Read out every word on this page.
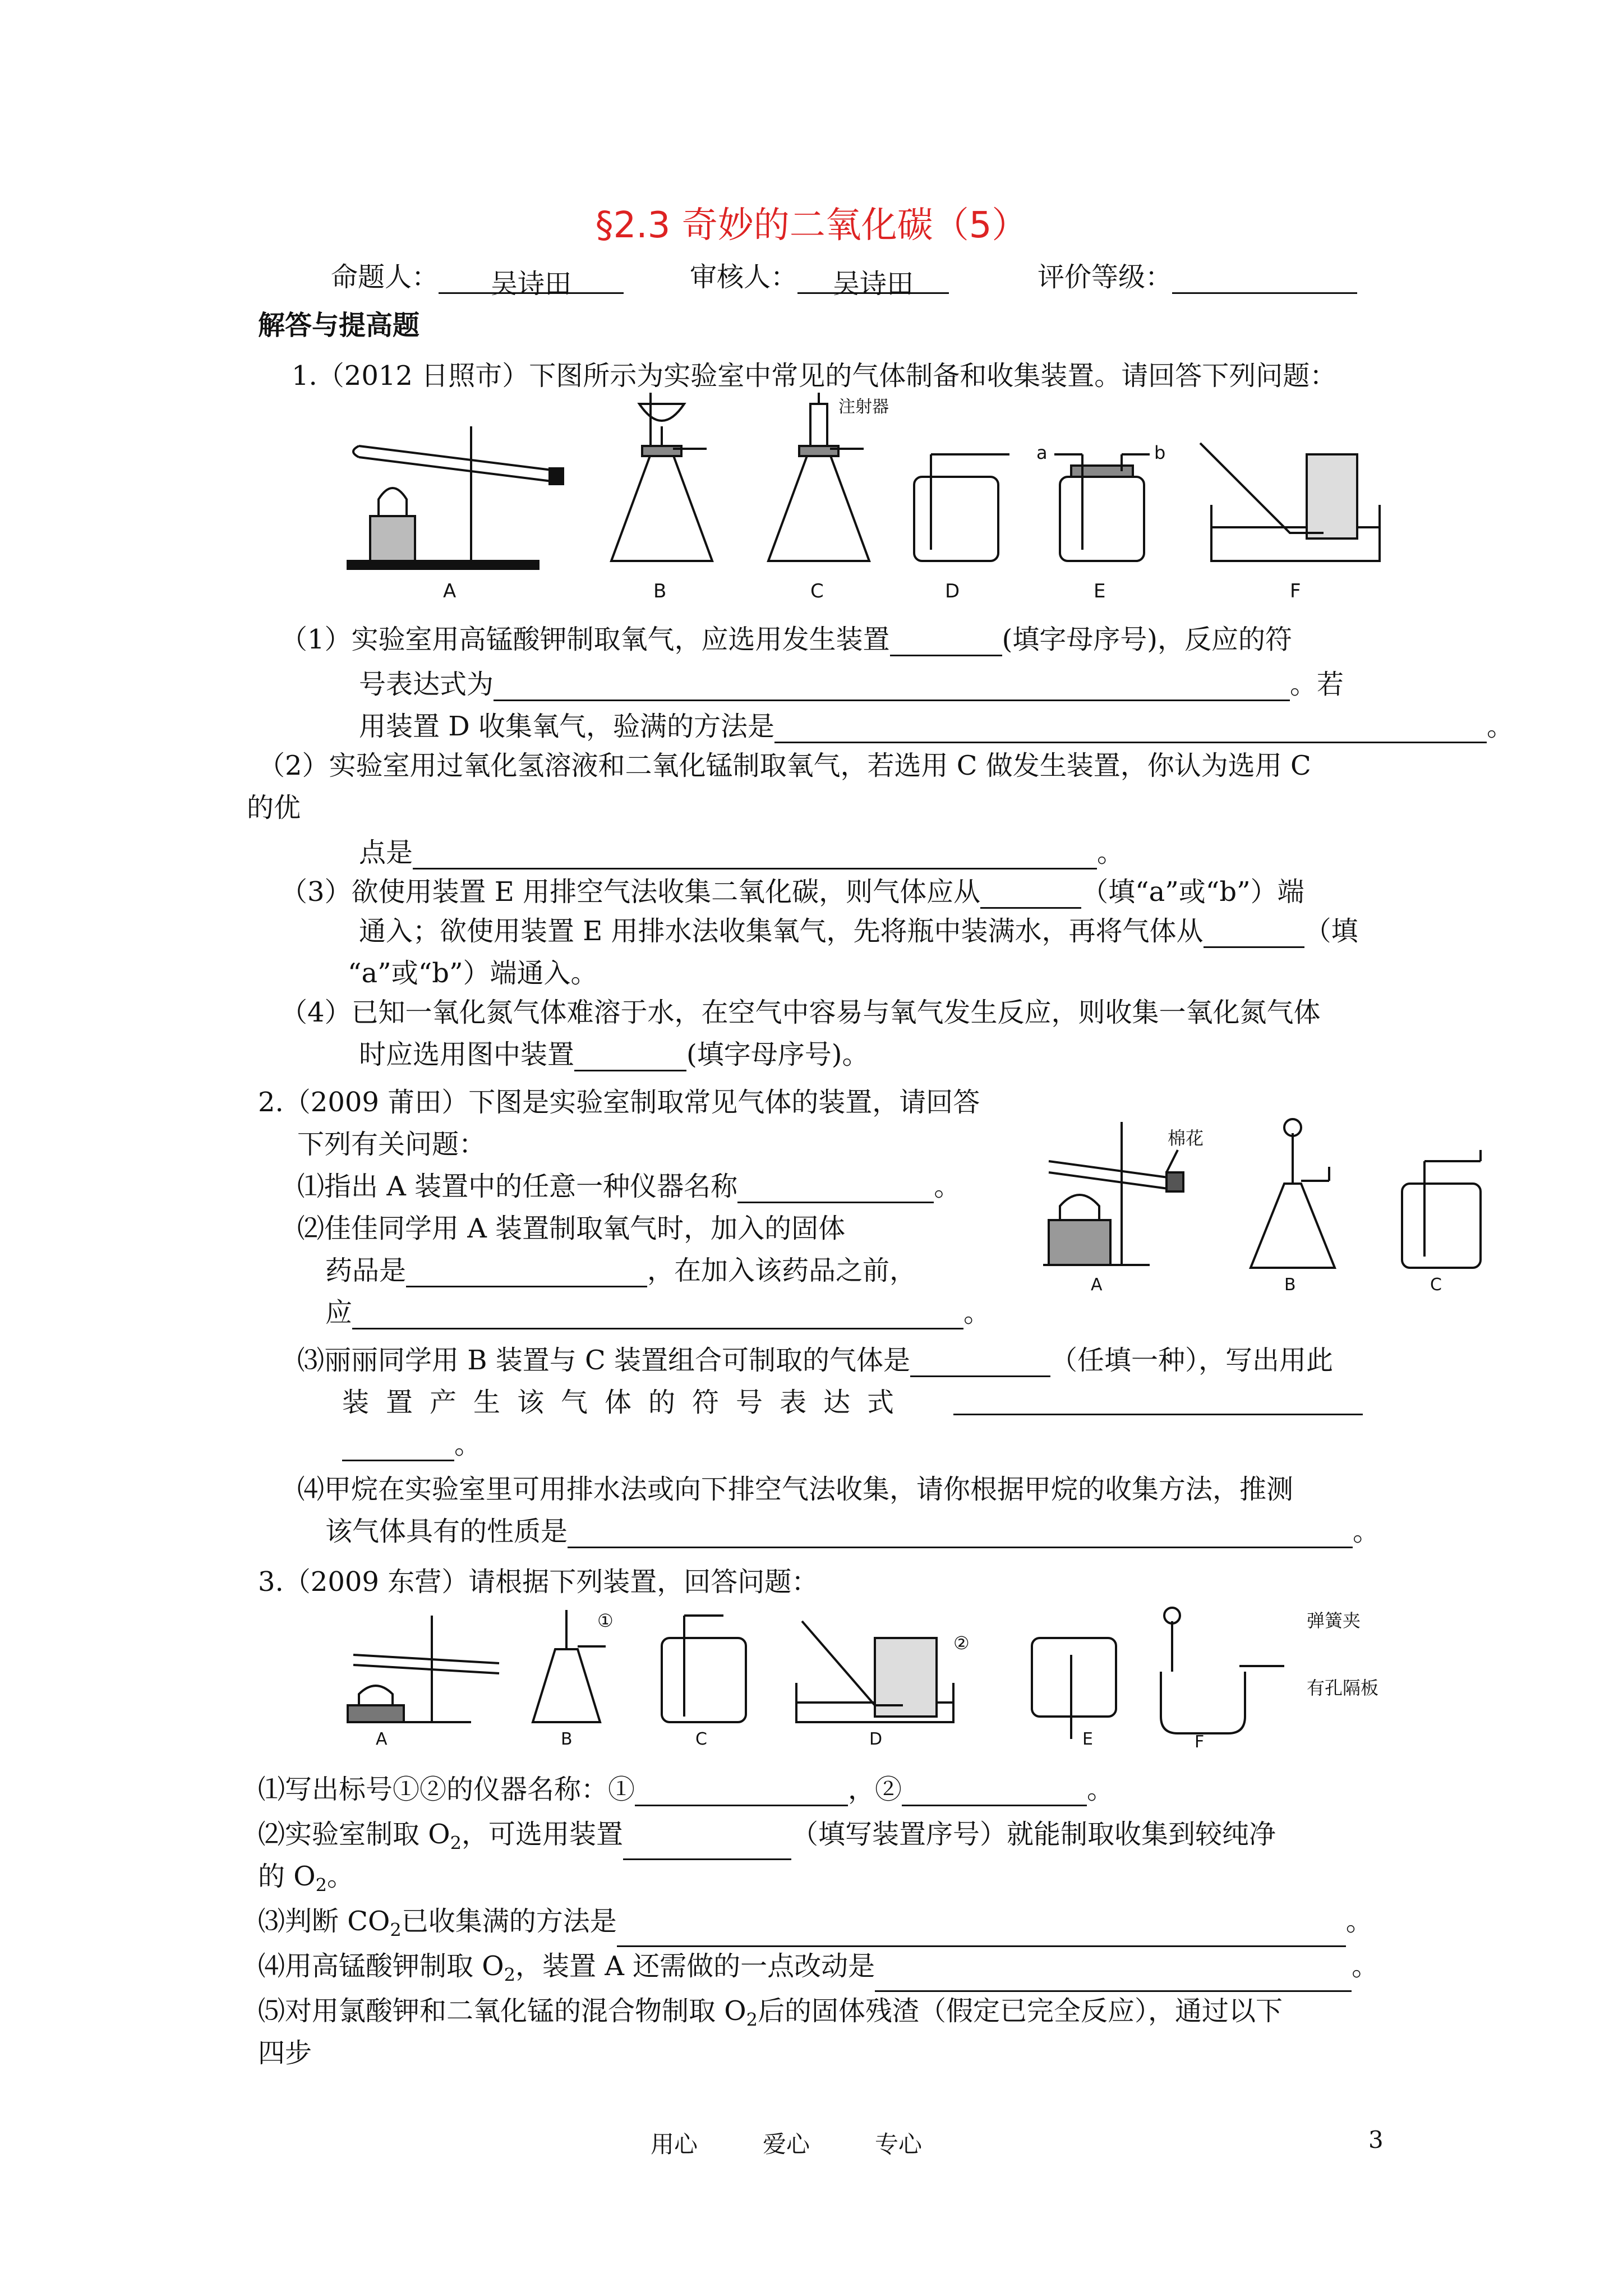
§2.3 奇妙的二氧化碳（5）
命题人： 吴诗田	审核人： 吴诗田	评价等级：
解答与提高题
1.（2012 日照市）下图所示为实验室中常见的气体制备和收集装置。请回答下列问题：
B
注射器
C	D
a	b
E	F
A
（1）实验室用高锰酸钾制取氧气，应选用发生装置	(填字母序号)，反应的符
号表达式为	。若
用装置 D 收集氧气，验满的方法是	。
（2）实验室用过氧化氢溶液和二氧化锰制取氧气，若选用 C 做发生装置，你认为选用 C
的优
点是	。
（3）欲使用装置 E 用排空气法收集二氧化碳，则气体应从	（填“a”或“b”）端
通入；欲使用装置 E 用排水法收集氧气，先将瓶中装满水，再将气体从	（填
“a”或“b”）端通入。
（4）已知一氧化氮气体难溶于水，在空气中容易与氧气发生反应，则收集一氧化氮气体
时应选用图中装置	(填字母序号)。
2.（2009 莆田）下图是实验室制取常见气体的装置，请回答
下列有关问题：	棉花
A	B	C
⑴指出 A 装置中的任意一种仪器名称	。
⑵佳佳同学用 A 装置制取氧气时，加入的固体
药品是	，在加入该药品之前，
应	。
⑶丽丽同学用 B 装置与 C 装置组合可制取的气体是	（任填一种），写出用此
装置产生该气体的符号表达式
。
⑷甲烷在实验室里可用排水法或向下排空气法收集，请你根据甲烷的收集方法，推测
该气体具有的性质是	。
3.（2009 东营）请根据下列装置，回答问题：
A
①
B	C
②
D	E
弹簧夹
有孔隔板
F
⑴写出标号①②的仪器名称：①	，②	。
⑵实验室制取 $O_2$，可选用装置	（填写装置序号）就能制取收集到较纯净
的 $O_2$。
⑶判断 $CO_2$已收集满的方法是	。
⑷用高锰酸钾制取 $O_2$，装置 A 还需做的一点改动是	。
⑸对用氯酸钾和二氧化锰的混合物制取 $O_2$后的固体残渣（假定已完全反应），通过以下
四步
用心	爱心	专心	3
